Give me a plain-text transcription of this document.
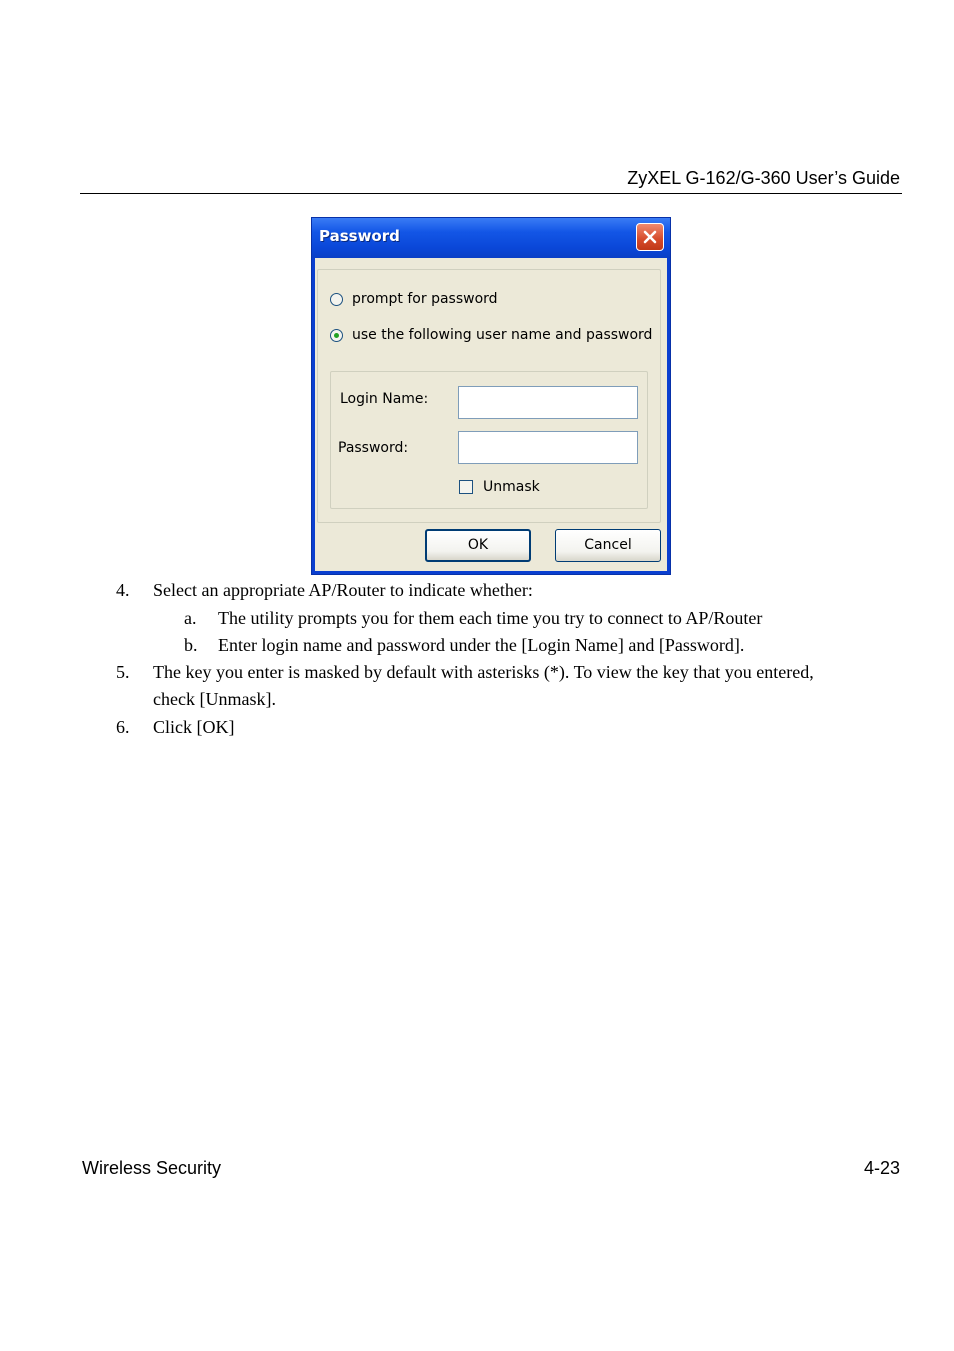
ZyXEL G-162/G-360 User’s Guide
Password
prompt for password
use the following user name and password
Login Name:
Password:
Unmask
OK	Cancel
4. Select an appropriate AP/Router to indicate whether:
a. The utility prompts you for them each time you try to connect to AP/Router
b. Enter login name and password under the [Login Name] and [Password].
5. The key you enter is masked by default with asterisks (*). To view the key that you entered,
check [Unmask].
6. Click [OK]
Wireless Security	4-23
